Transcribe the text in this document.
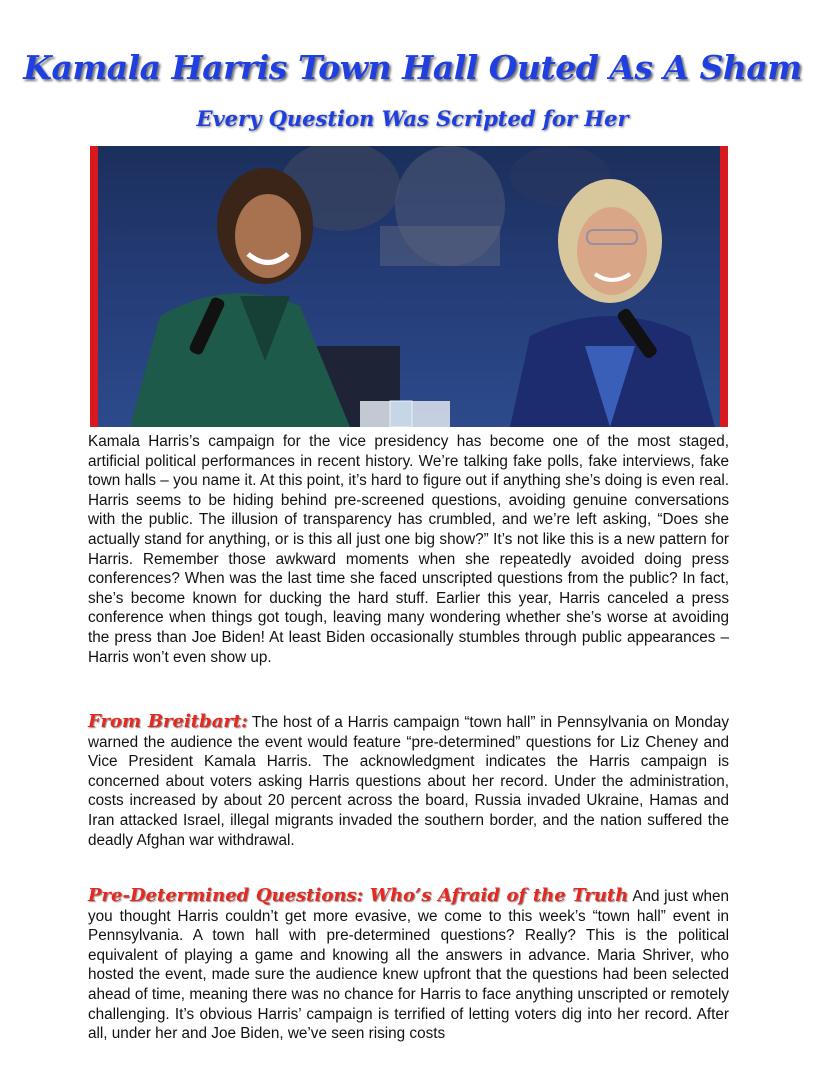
Kamala Harris Town Hall Outed As A Sham
Every Question Was Scripted for Her

Kamala Harris’s campaign for the vice presidency has become one of the most staged, artificial political performances in recent history. We’re talking fake polls, fake interviews, fake town halls – you name it. At this point, it’s hard to figure out if anything she’s doing is even real. Harris seems to be hiding behind pre-screened questions, avoiding genuine conversations with the public. The illusion of transparency has crumbled, and we’re left asking, “Does she actually stand for anything, or is this all just one big show?” It’s not like this is a new pattern for Harris. Remember those awkward moments when she repeatedly avoided doing press conferences? When was the last time she faced unscripted questions from the public? In fact, she’s become known for ducking the hard stuff. Earlier this year, Harris canceled a press conference when things got tough, leaving many wondering whether she’s worse at avoiding the press than Joe Biden! At least Biden occasionally stumbles through public appearances – Harris won’t even show up.

From Breitbart: The host of a Harris campaign “town hall” in Pennsylvania on Monday warned the audience the event would feature “pre-determined” questions for Liz Cheney and Vice President Kamala Harris. The acknowledgment indicates the Harris campaign is concerned about voters asking Harris questions about her record. Under the administration, costs increased by about 20 percent across the board, Russia invaded Ukraine, Hamas and Iran attacked Israel, illegal migrants invaded the southern border, and the nation suffered the deadly Afghan war withdrawal.

Pre-Determined Questions: Who’s Afraid of the Truth And just when you thought Harris couldn’t get more evasive, we come to this week’s “town hall” event in Pennsylvania. A town hall with pre-determined questions? Really? This is the political equivalent of playing a game and knowing all the answers in advance. Maria Shriver, who hosted the event, made sure the audience knew upfront that the questions had been selected ahead of time, meaning there was no chance for Harris to face anything unscripted or remotely challenging. It’s obvious Harris’ campaign is terrified of letting voters dig into her record. After all, under her and Joe Biden, we’ve seen rising costs
